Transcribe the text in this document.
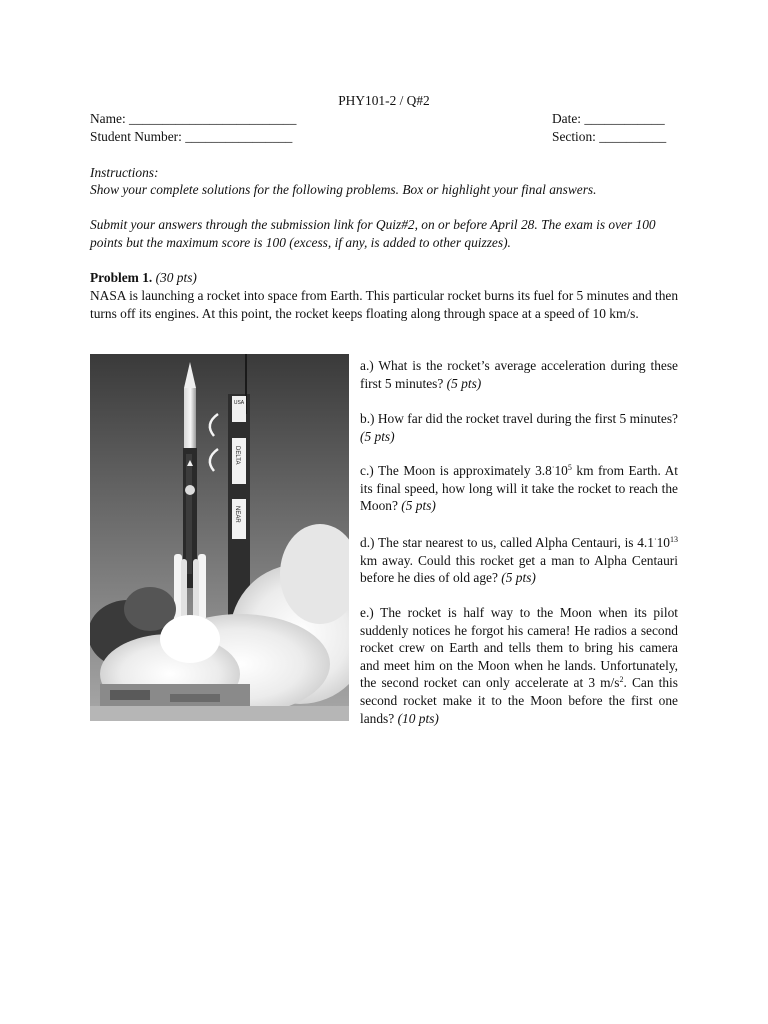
PHY101-2 / Q#2
Name: _________________________
Student Number: ________________
Date: ____________
Section: __________
Instructions:
Show your complete solutions for the following problems. Box or highlight your final answers.
Submit your answers through the submission link for Quiz#2, on or before April 28. The exam is over 100 points but the maximum score is 100 (excess, if any, is added to other quizzes).
Problem 1. (30 pts)
NASA is launching a rocket into space from Earth. This particular rocket burns its fuel for 5 minutes and then turns off its engines. At this point, the rocket keeps floating along through space at a speed of 10 km/s.
USA
DELTA
NEAR
a.) What is the rocket’s average acceleration during these first 5 minutes? (5 pts)
b.) How far did the rocket travel during the first 5 minutes? (5 pts)
c.) The Moon is approximately $3.8^\cdot 10^5$ km from Earth. At its final speed, how long will it take the rocket to reach the Moon? (5 pts)
d.) The star nearest to us, called Alpha Centauri, is $4.1^\cdot 10^{13}$ km away. Could this rocket get a man to Alpha Centauri before he dies of old age? (5 pts)
e.) The rocket is half way to the Moon when its pilot suddenly notices he forgot his camera! He radios a second rocket crew on Earth and tells them to bring his camera and meet him on the Moon when he lands. Unfortunately, the second rocket can only accelerate at 3 $m/s^2$. Can this second rocket make it to the Moon before the first one lands? (10 pts)
